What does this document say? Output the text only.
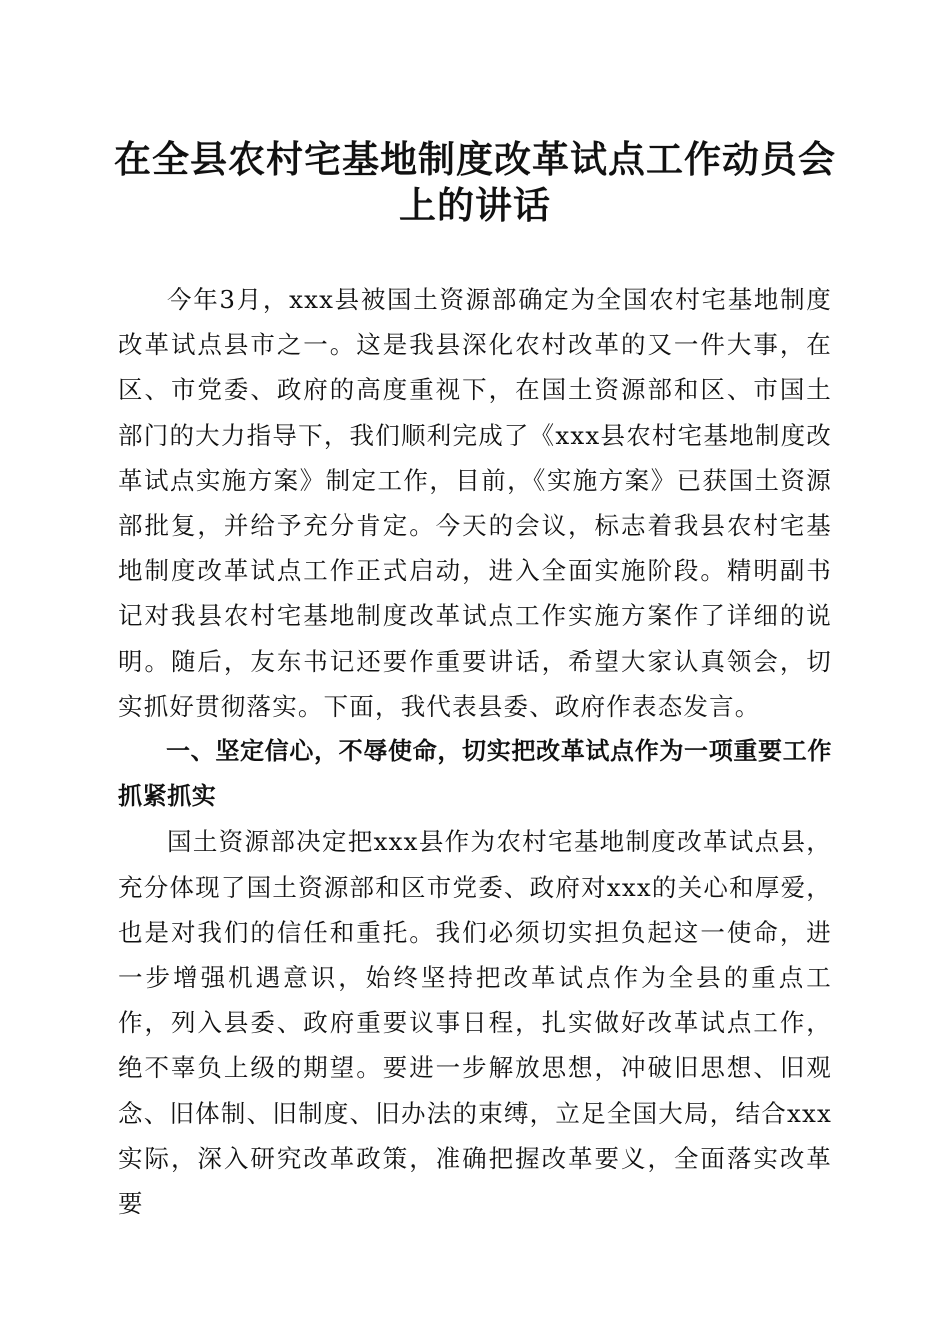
在全县农村宅基地制度改革试点工作动员会上的讲话

今年3月，xxx县被国土资源部确定为全国农村宅基地制度改革试点县市之一。这是我县深化农村改革的又一件大事，在区、市党委、政府的高度重视下，在国土资源部和区、市国土部门的大力指导下，我们顺利完成了《xxx县农村宅基地制度改革试点实施方案》制定工作，目前，《实施方案》已获国土资源部批复，并给予充分肯定。今天的会议，标志着我县农村宅基地制度改革试点工作正式启动，进入全面实施阶段。精明副书记对我县农村宅基地制度改革试点工作实施方案作了详细的说明。随后，友东书记还要作重要讲话，希望大家认真领会，切实抓好贯彻落实。下面，我代表县委、政府作表态发言。

一、坚定信心，不辱使命，切实把改革试点作为一项重要工作抓紧抓实

国土资源部决定把xxx县作为农村宅基地制度改革试点县，充分体现了国土资源部和区市党委、政府对xxx的关心和厚爱，也是对我们的信任和重托。我们必须切实担负起这一使命，进一步增强机遇意识，始终坚持把改革试点作为全县的重点工作，列入县委、政府重要议事日程，扎实做好改革试点工作，绝不辜负上级的期望。要进一步解放思想，冲破旧思想、旧观念、旧体制、旧制度、旧办法的束缚，立足全国大局，结合xxx实际，深入研究改革政策，准确把握改革要义，全面落实改革要
